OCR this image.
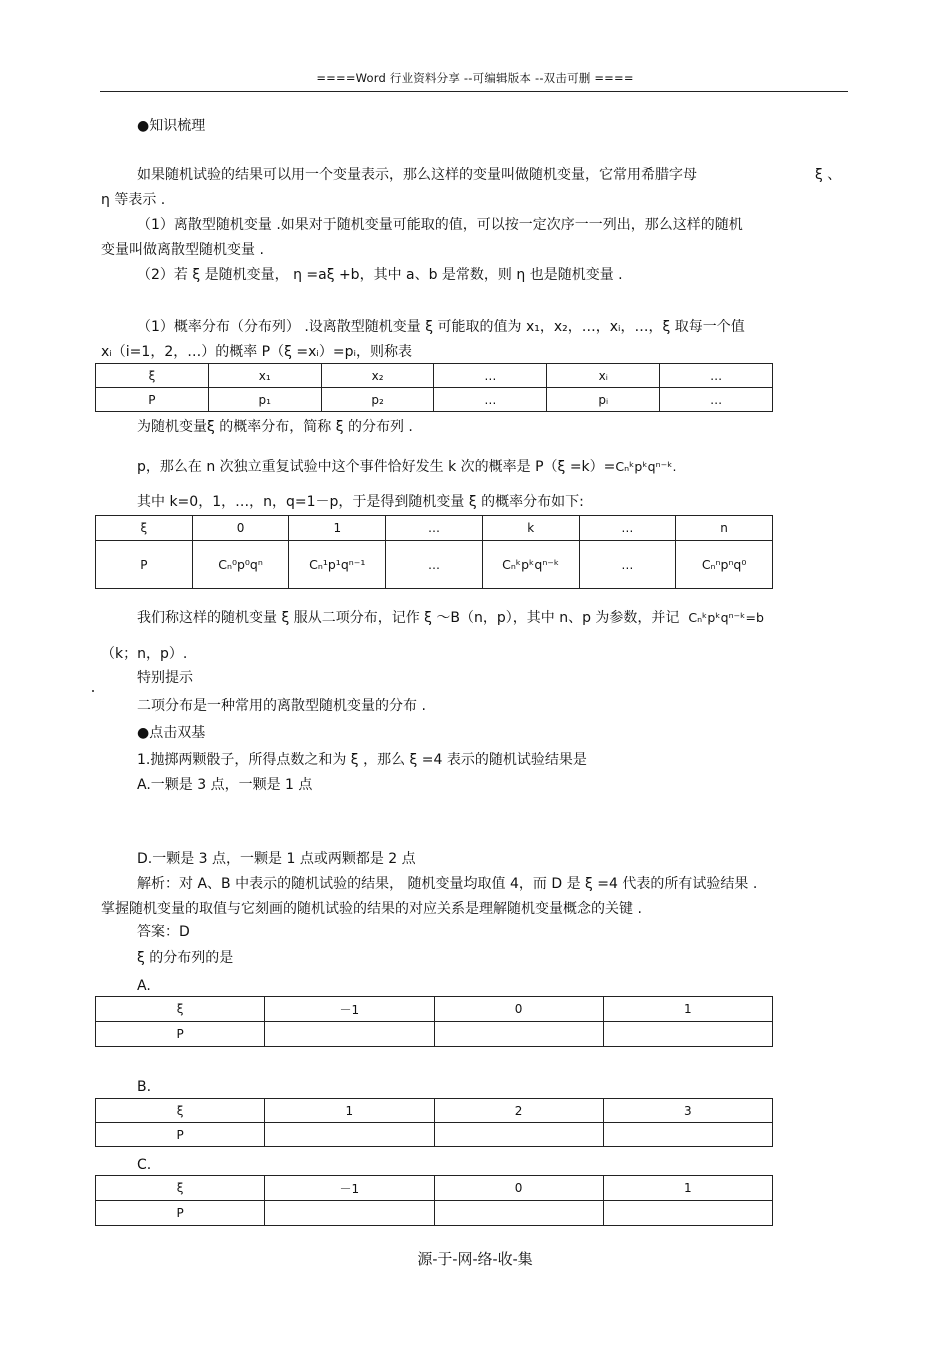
====Word 行业资料分享 --可编辑版本 --双击可删 ====
●知识梳理
如果随机试验的结果可以用一个变量表示，那么这样的变量叫做随机变量，它常用希腊字母	ξ 、
η 等表示 .
（1）离散型随机变量 .如果对于随机变量可能取的值，可以按一定次序一一列出，那么这样的随机
变量叫做离散型随机变量 .
（2）若 ξ 是随机变量， η =aξ +b，其中 a、b 是常数，则 η 也是随机变量 .
（1）概率分布（分布列） .设离散型随机变量 ξ 可能取的值为 x₁，x₂，…，xᵢ，…，ξ 取每一个值
xᵢ（i=1，2，…）的概率 P（ξ =xᵢ）=pᵢ，则称表
ξ	x₁	x₂	…	xᵢ	…
P	p₁	p₂	…	pᵢ	…
为随机变量ξ 的概率分布，简称 ξ 的分布列 .
p，那么在 n 次独立重复试验中这个事件恰好发生 k 次的概率是 P（ξ =k）=Cₙᵏpᵏqⁿ⁻ᵏ.
其中 k=0，1，…，n，q=1－p，于是得到随机变量 ξ 的概率分布如下:
ξ	0	1	…	k	…	n
P	Cₙ⁰p⁰qⁿ	Cₙ¹p¹qⁿ⁻¹	…	Cₙᵏpᵏqⁿ⁻ᵏ	…	Cₙⁿpⁿq⁰
我们称这样的随机变量 ξ 服从二项分布，记作 ξ ～B（n，p），其中 n、p 为参数，并记 Cₙᵏpᵏqⁿ⁻ᵏ=b
（k；n，p）.
特别提示
二项分布是一种常用的离散型随机变量的分布 .
●点击双基
1.抛掷两颗骰子，所得点数之和为 ξ ，那么 ξ =4 表示的随机试验结果是
A.一颗是 3 点，一颗是 1 点
D.一颗是 3 点，一颗是 1 点或两颗都是 2 点
解析：对 A、B 中表示的随机试验的结果， 随机变量均取值 4，而 D 是 ξ =4 代表的所有试验结果 .
掌握随机变量的取值与它刻画的随机试验的结果的对应关系是理解随机变量概念的关键 .
答案：D
ξ 的分布列的是
A.
ξ	－1	0	1
P			
B.
ξ	1	2	3
P			
C.
ξ	－1	0	1
P			
源-于-网-络-收-集
